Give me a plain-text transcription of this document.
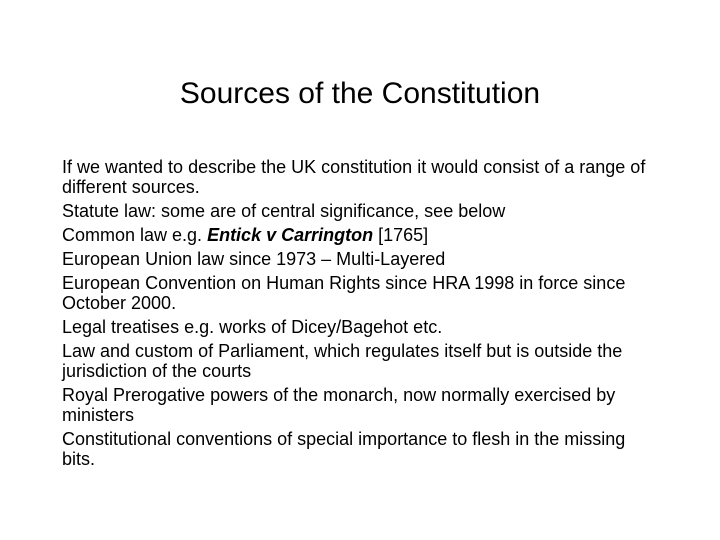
Sources of the Constitution
If we wanted to describe the UK constitution it would consist of a range of different sources.
Statute law: some are of central significance, see below
Common law e.g. Entick v Carrington [1765]
European Union law since 1973 – Multi-Layered
European Convention on Human Rights since HRA 1998 in force since October 2000.
Legal treatises e.g. works of Dicey/Bagehot etc.
Law and custom of Parliament, which regulates itself but is outside the jurisdiction of the courts
Royal Prerogative powers of the monarch, now normally exercised by ministers
Constitutional conventions of special importance to flesh in the missing bits.
